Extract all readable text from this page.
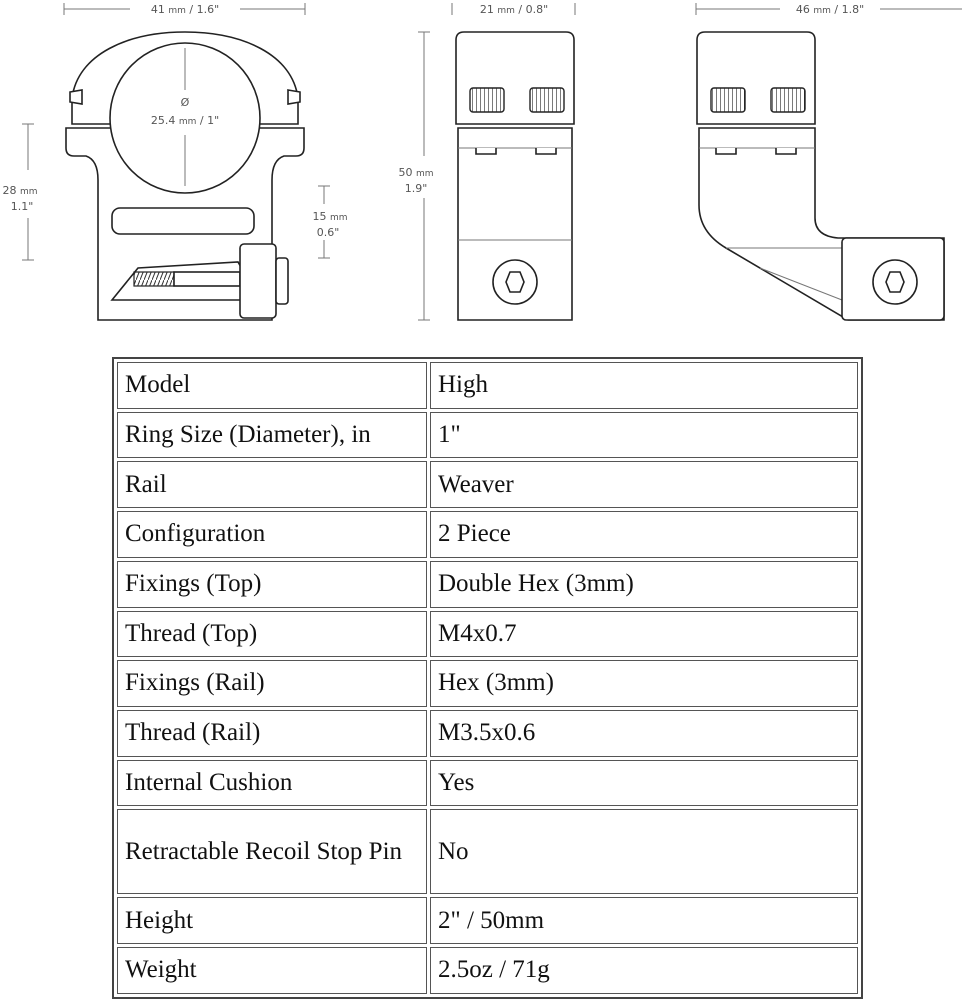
41 mm / 1.6"
Ø
25.4 mm / 1"
28 mm
1.1"
15 mm
0.6"
21 mm / 0.8"
50 mm
1.9"
46 mm / 1.8"
Model	High
Ring Size (Diameter), in	1"
Rail	Weaver
Configuration	2 Piece
Fixings (Top)	Double Hex (3mm)
Thread (Top)	M4x0.7
Fixings (Rail)	Hex (3mm)
Thread (Rail)	M3.5x0.6
Internal Cushion	Yes
Retractable Recoil Stop Pin	No
Height	2" / 50mm
Weight	2.5oz / 71g
